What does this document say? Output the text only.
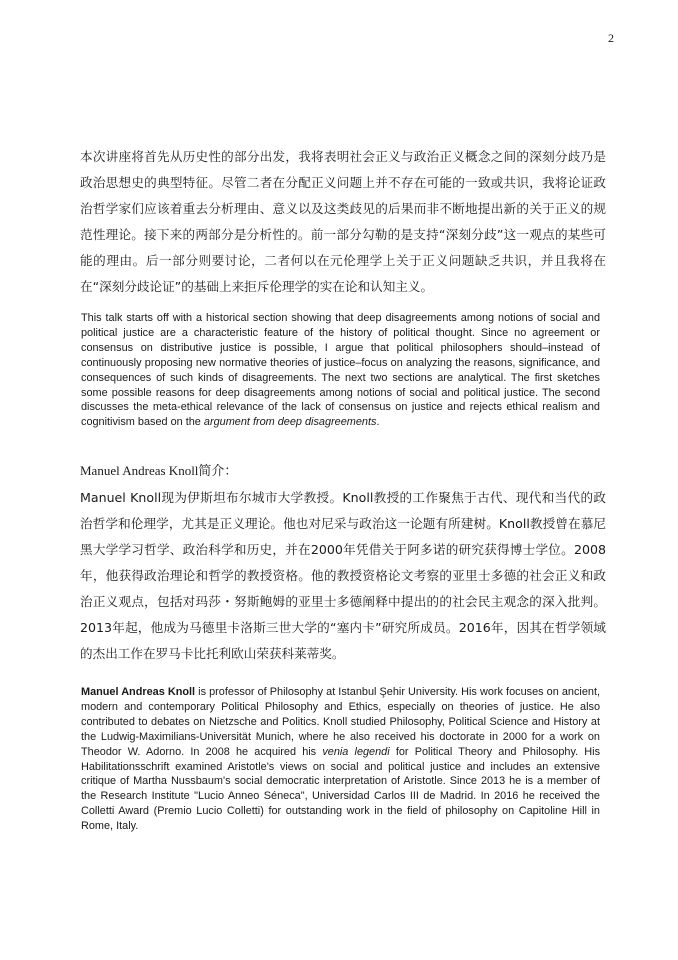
2

本次讲座将首先从历史性的部分出发，我将表明社会正义与政治正义概念之间的深刻分歧乃是政治思想史的典型特征。尽管二者在分配正义问题上并不存在可能的一致或共识，我将论证政治哲学家们应该着重去分析理由、意义以及这类歧见的后果而非不断地提出新的关于正义的规范性理论。接下来的两部分是分析性的。前一部分勾勒的是支持“深刻分歧”这一观点的某些可能的理由。后一部分则要讨论，二者何以在元伦理学上关于正义问题缺乏共识，并且我将在在“深刻分歧论证”的基础上来拒斥伦理学的实在论和认知主义。

This talk starts off with a historical section showing that deep disagreements among notions of social and political justice are a characteristic feature of the history of political thought. Since no agreement or consensus on distributive justice is possible, I argue that political philosophers should–instead of continuously proposing new normative theories of justice–focus on analyzing the reasons, significance, and consequences of such kinds of disagreements. The next two sections are analytical. The first sketches some possible reasons for deep disagreements among notions of social and political justice. The second discusses the meta-ethical relevance of the lack of consensus on justice and rejects ethical realism and cognitivism based on the argument from deep disagreements.

Manuel Andreas Knoll简介：

Manuel Knoll现为伊斯坦布尔城市大学教授。Knoll教授的工作聚焦于古代、现代和当代的政治哲学和伦理学，尤其是正义理论。他也对尼采与政治这一论题有所建树。Knoll教授曾在慕尼黑大学学习哲学、政治科学和历史，并在2000年凭借关于阿多诺的研究获得博士学位。2008年，他获得政治理论和哲学的教授资格。他的教授资格论文考察的亚里士多德的社会正义和政治正义观点，包括对玛莎・努斯鲍姆的亚里士多德阐释中提出的的社会民主观念的深入批判。2013年起，他成为马德里卡洛斯三世大学的“塞内卡”研究所成员。2016年，因其在哲学领域的杰出工作在罗马卡比托利欧山荣获科莱蒂奖。

Manuel Andreas Knoll is professor of Philosophy at Istanbul Şehir University. His work focuses on ancient, modern and contemporary Political Philosophy and Ethics, especially on theories of justice. He also contributed to debates on Nietzsche and Politics. Knoll studied Philosophy, Political Science and History at the Ludwig-Maximilians-Universität Munich, where he also received his doctorate in 2000 for a work on Theodor W. Adorno. In 2008 he acquired his venia legendi for Political Theory and Philosophy. His Habilitationsschrift examined Aristotle's views on social and political justice and includes an extensive critique of Martha Nussbaum's social democratic interpretation of Aristotle. Since 2013 he is a member of the Research Institute "Lucio Anneo Séneca", Universidad Carlos III de Madrid. In 2016 he received the Colletti Award (Premio Lucio Colletti) for outstanding work in the field of philosophy on Capitoline Hill in Rome, Italy.
